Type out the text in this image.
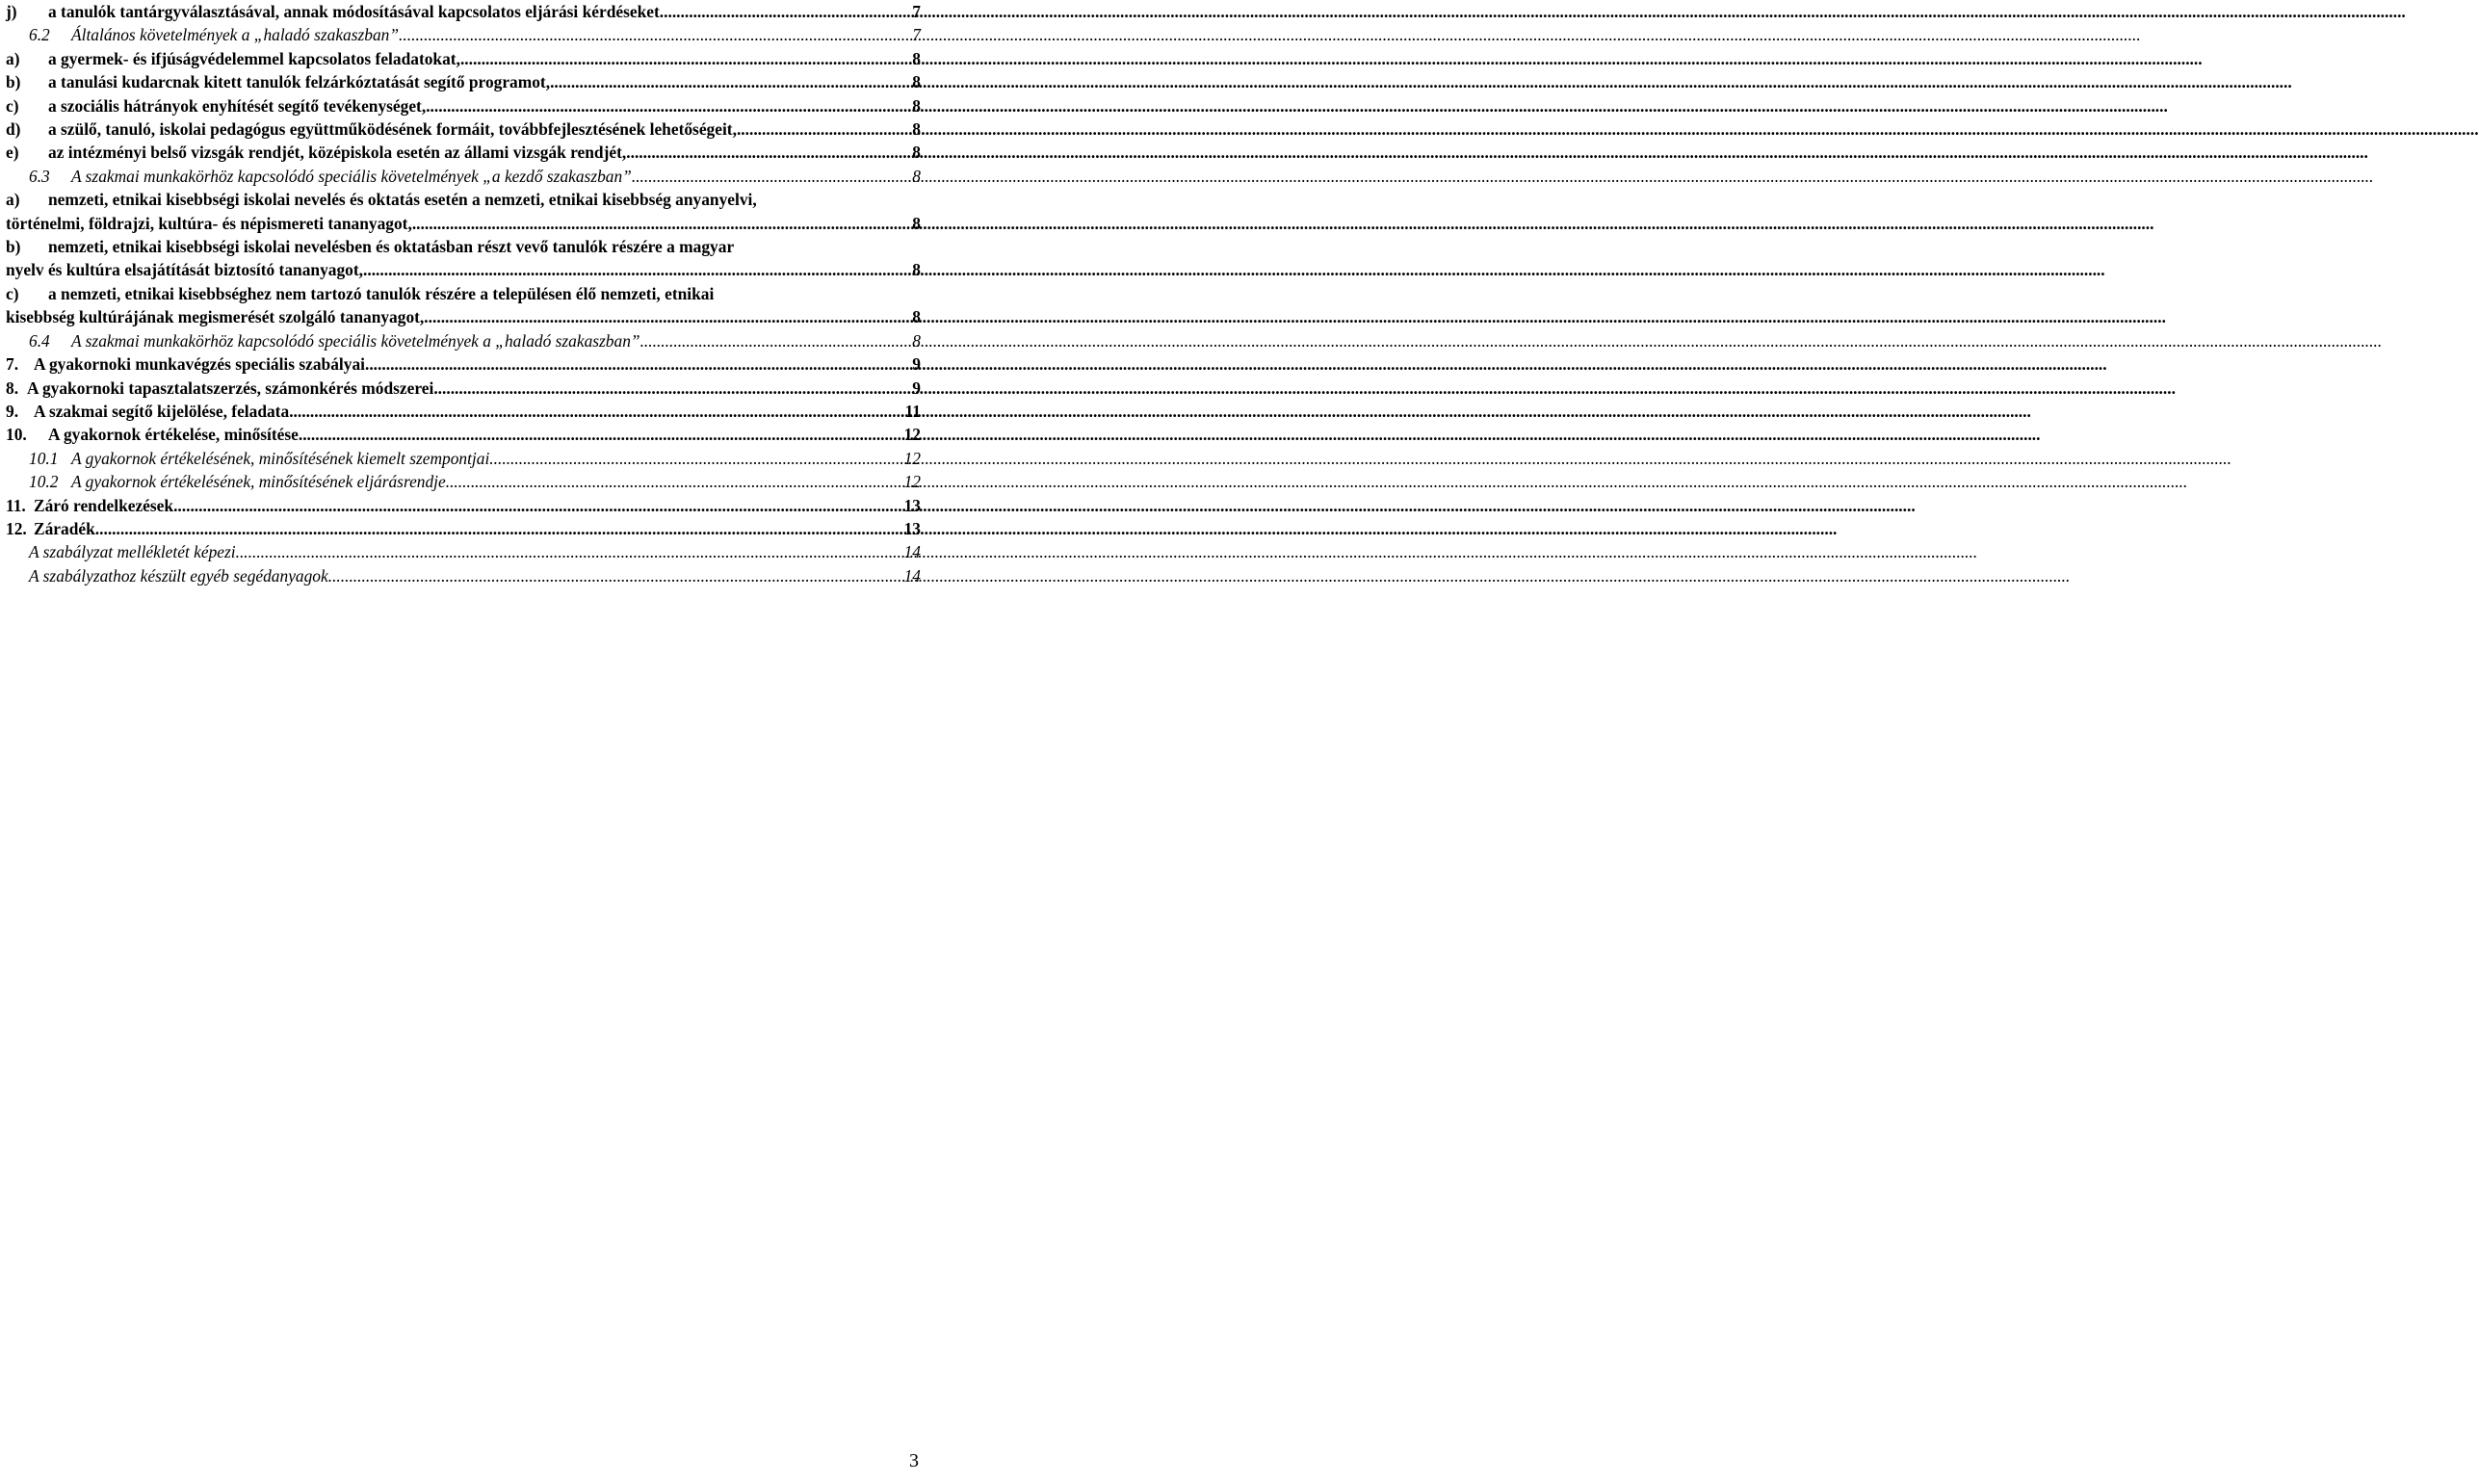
j)	a tanulók tantárgyválasztásával, annak módosításával kapcsolatos eljárási kérdéseket. .....	7
6.2	Általános követelmények a „haladó szakaszban” .....	7
a)	a gyermek- és ifjúságvédelemmel kapcsolatos feladatokat, .....	8
b)	a tanulási kudarcnak kitett tanulók felzárkóztatását segítő programot, .....	8
c)	a szociális hátrányok enyhítését segítő tevékenységet, .....	8
d)	a szülő, tanuló, iskolai pedagógus együttműködésének formáit, továbbfejlesztésének lehetőségeit, .....	8
e)	az intézményi belső vizsgák rendjét, középiskola esetén az állami vizsgák rendjét, .....	8
6.3	A szakmai munkakörhöz kapcsolódó speciális követelmények „a kezdő szakaszban” .....	8
a)	nemzeti, etnikai kisebbségi iskolai nevelés és oktatás esetén a nemzeti, etnikai kisebbség anyanyelvi,
történelmi, földrajzi, kultúra- és népismereti tananyagot, .....	8
b)	nemzeti, etnikai kisebbségi iskolai nevelésben és oktatásban részt vevő tanulók részére a magyar
nyelv és kultúra elsajátítását biztosító tananyagot, .....	8
c)	a nemzeti, etnikai kisebbséghez nem tartozó tanulók részére a településen élő nemzeti, etnikai
kisebbség kultúrájának megismerését szolgáló tananyagot, .....	8
6.4	A szakmai munkakörhöz kapcsolódó speciális követelmények a „haladó szakaszban” .....	8
7. A gyakornoki munkavégzés speciális szabályai .....	9
8. A gyakornoki tapasztalatszerzés, számonkérés módszerei .....	9
9. A szakmai segítő kijelölése, feladata .....	11
10.	A gyakornok értékelése, minősítése .....	12
10.1 A gyakornok értékelésének, minősítésének kiemelt szempontjai .....	12
10.2 A gyakornok értékelésének, minősítésének eljárásrendje .....	12
11. Záró rendelkezések .....	13
12. Záradék .....	13
A szabályzat mellékletét képezi .....	14
A szabályzathoz készült egyéb segédanyagok .....	14
3
